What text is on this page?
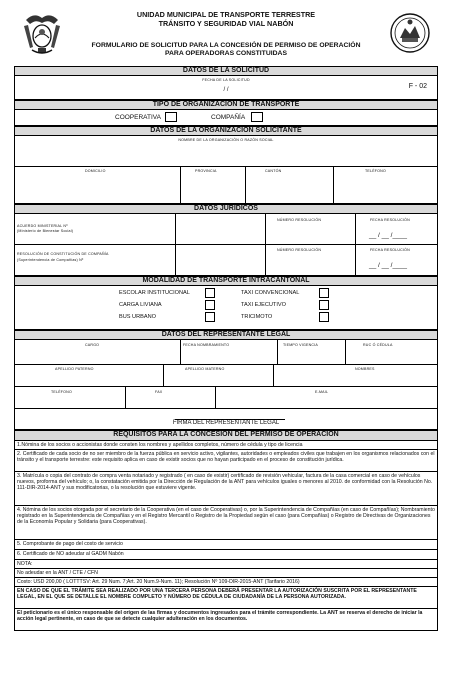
UNIDAD MUNICIPAL DE TRANSPORTE TERRESTRE
TRÁNSITO Y SEGURIDAD VIAL NABÓN
FORMULARIO DE SOLICITUD PARA LA CONCESIÓN DE PERMISO DE OPERACIÓN
PARA OPERADORAS CONSTITUIDAS
DATOS DE LA SOLICITUD
FECHA DE LA SOLICITUD
/ /	F - 02
TIPO DE ORGANIZACIÓN DE TRANSPORTE
COOPERATIVA	COMPAÑÍA
DATOS DE LA ORGANIZACIÓN SOLICITANTE
NOMBRE DE LA ORGANIZACIÓN O RAZÓN SOCIAL
DOMICILIO	PROVINCIA	CANTÓN	TELÉFONO
DATOS JURÍDICOS
ACUERDO MINISTERIAL Nº
(Ministerio de Bienestar Social)
NÚMERO RESOLUCIÓN	FECHA RESOLUCIÓN
__ / __ /____
RESOLUCIÓN DE CONSTITUCIÓN DE COMPAÑÍA
(Superintendencia de Compañías) Nº
NÚMERO RESOLUCIÓN	FECHA RESOLUCIÓN
__ / __ /____
MODALIDAD DE TRANSPORTE INTRACANTONAL
ESCOLAR INSTITUCIONAL
CARGA LIVIANA
BUS URBANO
TAXI CONVENCIONAL
TAXI EJECUTIVO
TRICIMOTO
DATOS DEL REPRESENTANTE LEGAL
CARGO	FECHA NOMBRAMIENTO	TIEMPO VIGENCIA	RUC Ó CÉDULA
APELLIDO PATERNO	APELLIDO MATERNO	NOMBRES
TELÉFONO	FAX	E-MAIL
FIRMA DEL REPRESENTANTE LEGAL
REQUISITOS PARA LA CONCESIÓN DEL PERMISO DE OPERACIÓN
1.Nómina de los socios o accionistas donde consten los nombres y apellidos completos, número de cédula y tipo de licencia
2. Certificado de cada socio de no ser miembro de la fuerza pública en servicio activo, vigilantes, autoridades o empleados civiles que trabajen en los organismos relacionados con el tránsito y el transporte terrestre: este requisito aplica en caso de existir socios que no hayan participado en el proceso de constitución jurídica.
3. Matrícula o copia del contrato de compra venta notariado y registrado ( en caso de existir) certificado de revisión vehicular, factura de la casa comercial en caso de vehículos nuevos, proforma del vehículo; o, la constatación emitida por la Dirección de Regulación de la ANT para vehículos iguales o menores al 2010. de conformidad con la Resolución No. 111-DIR-2014-ANT y sus modificatorias, o la resolución que estuviere vigente.
4. Nómina de los socios otorgada por el secretario de la Cooperativa (en el caso de Cooperativas) o, por la Superintendencia de Compañías (en caso de Compañías); Nombramiento registrado en la Superintendencia de Compañías y en el Registro Mercantil o Registro de la Propiedad según el caso (para Compañías) o Registro de Directivas de Organizaciones de la Economía Popular y Solidaria (para Cooperativas).
5. Comprobante de pago del costo de servicio
6. Certificado de NO adeudar al GADM Nabón
NOTA:
No adeudar en la ANT / CTE / CFN
Costo: USD 200,00 ( LOTTTSV: Art. 29 Num. 7;Art. 20 Num.9-Num. 11); Resolución Nº 109-DIR-2015-ANT (Tarifario 2016)
EN CASO DE QUE EL TRÁMITE SEA REALIZADO POR UNA TERCERA PERSONA DEBERÁ PRESENTAR LA AUTORIZACIÓN SUSCRITA POR EL REPRESENTANTE LEGAL, EN EL QUE SE DETALLE EL NOMBRE COMPLETO Y NÚMERO DE CÉDULA DE CIUDADANÍA DE LA PERSONA AUTORIZADA.
El peticionario es el único responsable del origen de las firmas y documentos ingresados para el trámite correspondiente. La ANT se reserva el derecho de iniciar la acción legal pertinente, en caso de que se detecte cualquier adulteración en los documentos.
